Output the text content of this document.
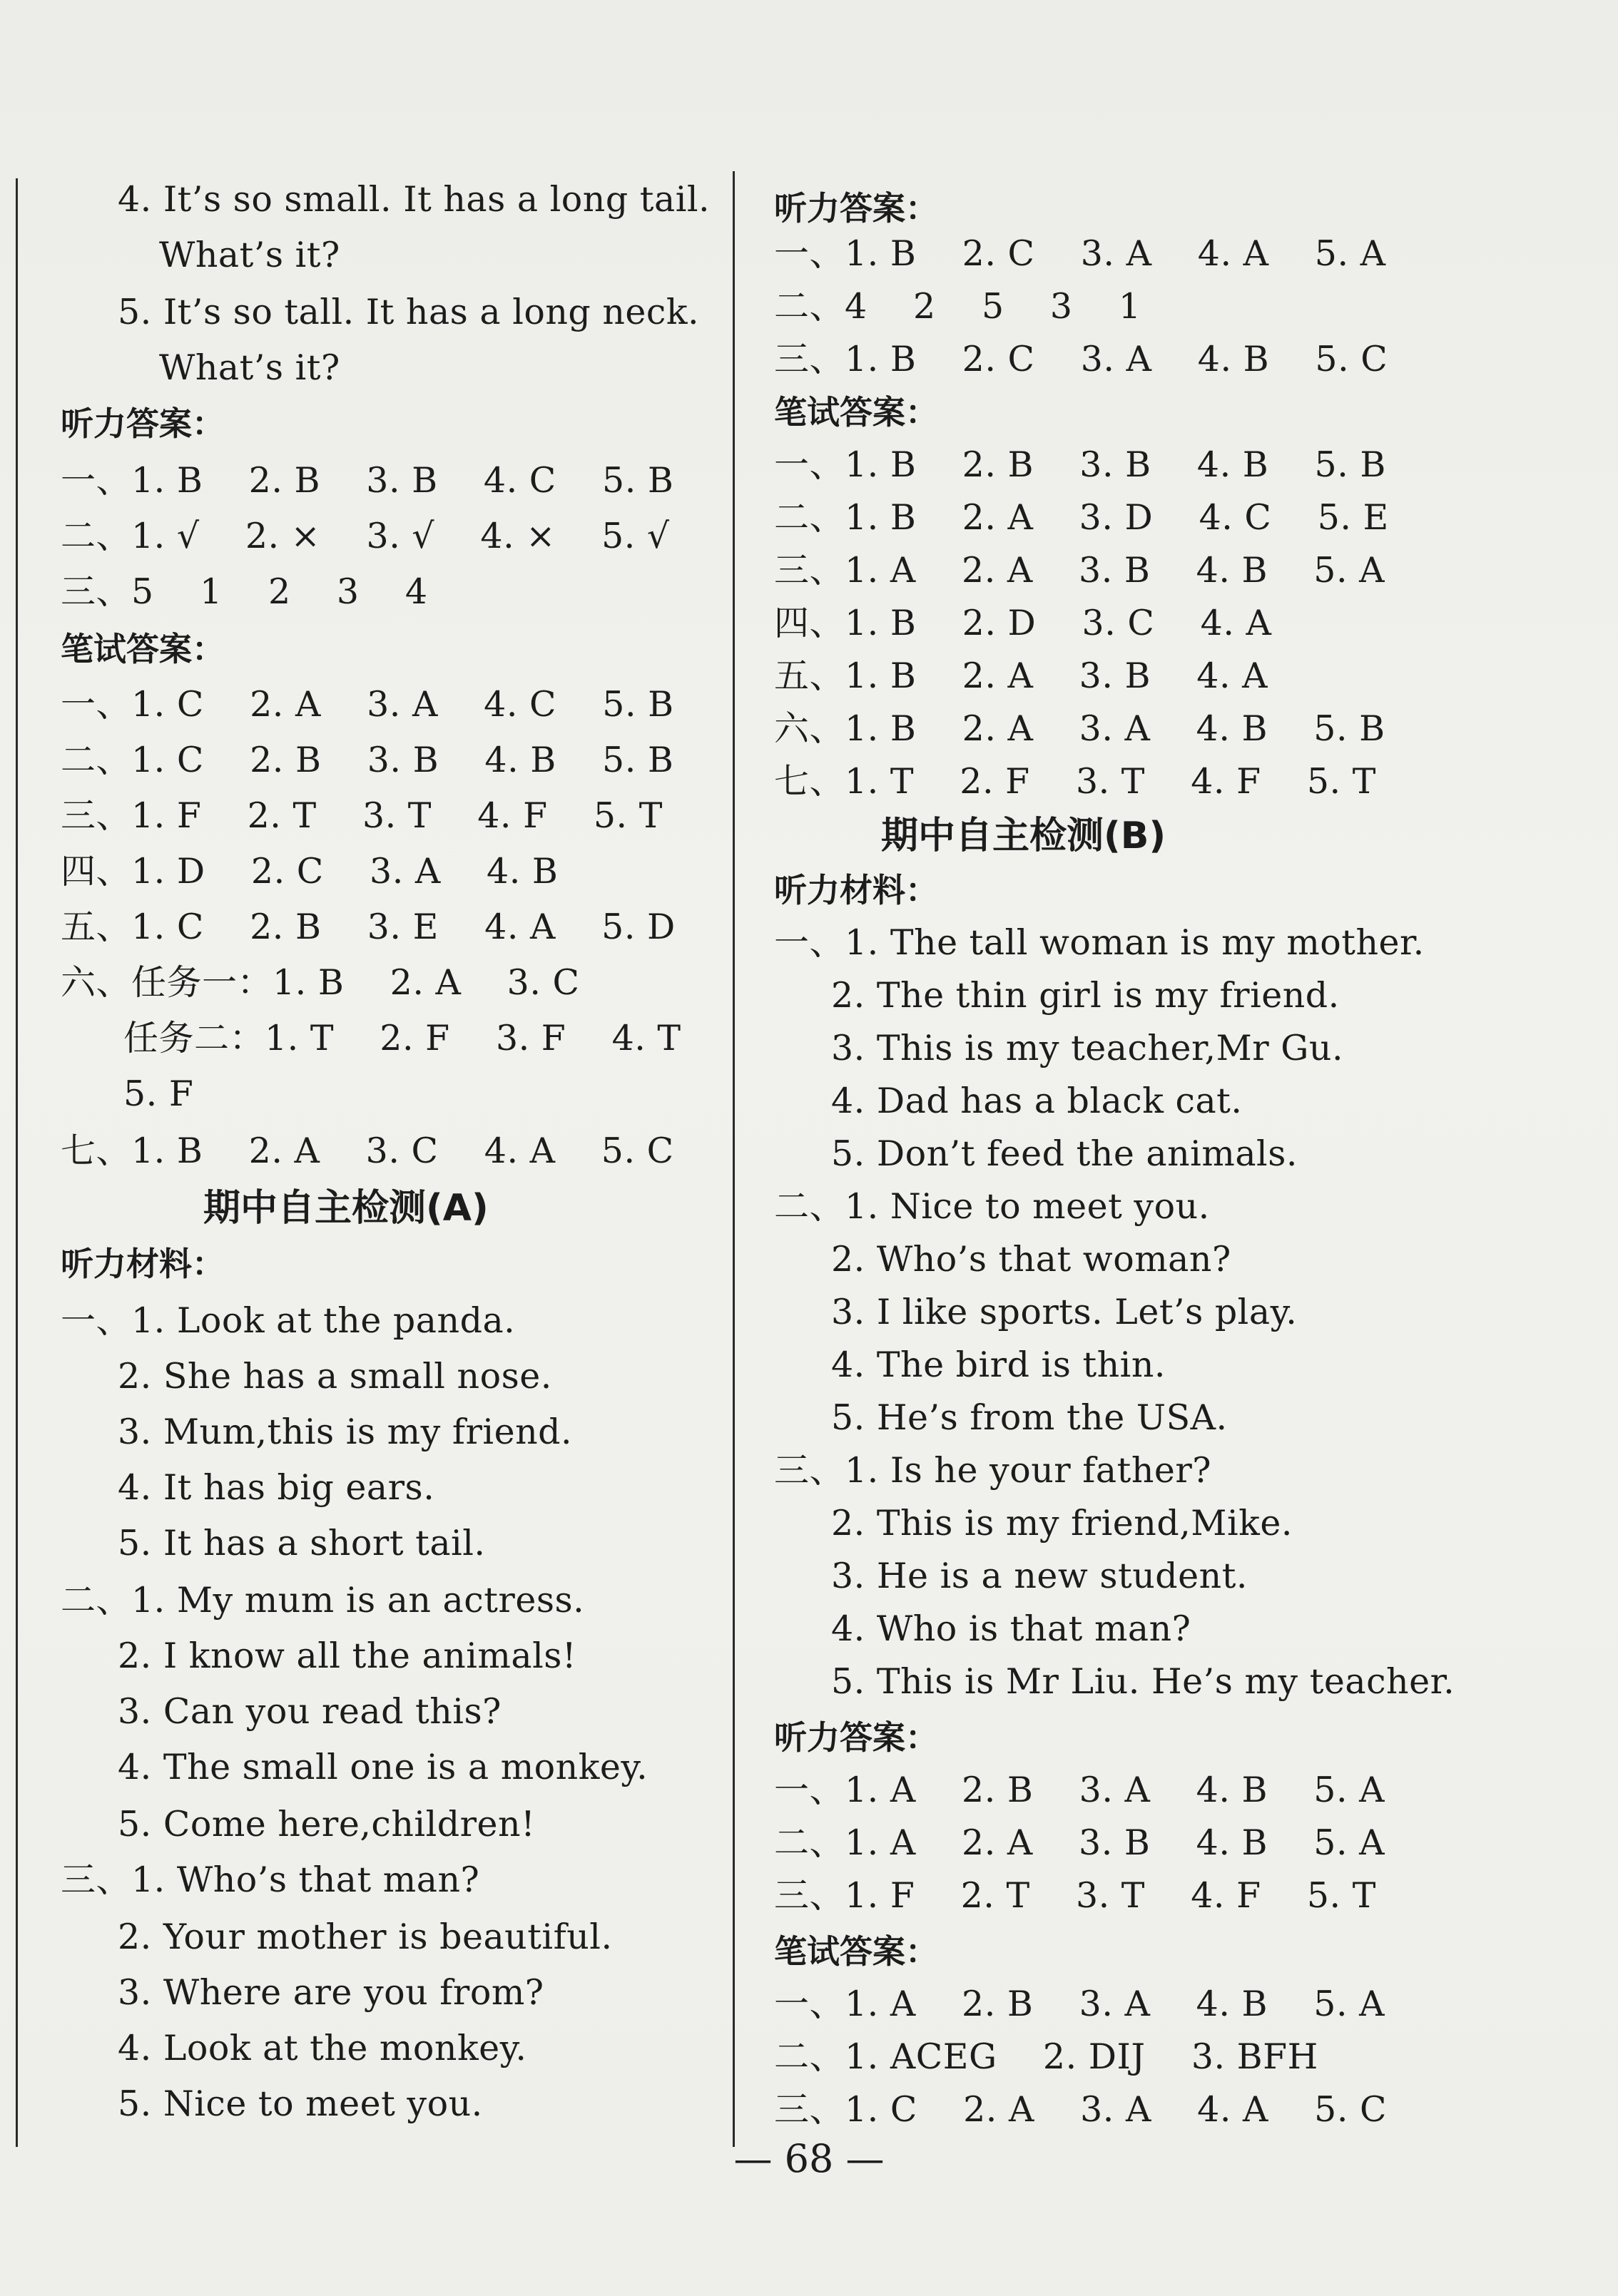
4. It’s so small. It has a long tail.
What’s it?
5. It’s so tall. It has a long neck.
What’s it?
听力答案：
一、1. B    2. B    3. B    4. C    5. B
二、1. √    2. ×    3. √    4. ×    5. √
三、5    1    2    3    4
笔试答案：
一、1. C    2. A    3. A    4. C    5. B
二、1. C    2. B    3. B    4. B    5. B
三、1. F    2. T    3. T    4. F    5. T
四、1. D    2. C    3. A    4. B
五、1. C    2. B    3. E    4. A    5. D
六、任务一：1. B    2. A    3. C
任务二：1. T    2. F    3. F    4. T
5. F
七、1. B    2. A    3. C    4. A    5. C
期中自主检测(A)
听力材料：
一、1. Look at the panda.
2. She has a small nose.
3. Mum,this is my friend.
4. It has big ears.
5. It has a short tail.
二、1. My mum is an actress.
2. I know all the animals!
3. Can you read this?
4. The small one is a monkey.
5. Come here,children!
三、1. Who’s that man?
2. Your mother is beautiful.
3. Where are you from?
4. Look at the monkey.
5. Nice to meet you.
听力答案：
一、1. B    2. C    3. A    4. A    5. A
二、4    2    5    3    1
三、1. B    2. C    3. A    4. B    5. C
笔试答案：
一、1. B    2. B    3. B    4. B    5. B
二、1. B    2. A    3. D    4. C    5. E
三、1. A    2. A    3. B    4. B    5. A
四、1. B    2. D    3. C    4. A
五、1. B    2. A    3. B    4. A
六、1. B    2. A    3. A    4. B    5. B
七、1. T    2. F    3. T    4. F    5. T
期中自主检测(B)
听力材料：
一、1. The tall woman is my mother.
2. The thin girl is my friend.
3. This is my teacher,Mr Gu.
4. Dad has a black cat.
5. Don’t feed the animals.
二、1. Nice to meet you.
2. Who’s that woman?
3. I like sports. Let’s play.
4. The bird is thin.
5. He’s from the USA.
三、1. Is he your father?
2. This is my friend,Mike.
3. He is a new student.
4. Who is that man?
5. This is Mr Liu. He’s my teacher.
听力答案：
一、1. A    2. B    3. A    4. B    5. A
二、1. A    2. A    3. B    4. B    5. A
三、1. F    2. T    3. T    4. F    5. T
笔试答案：
一、1. A    2. B    3. A    4. B    5. A
二、1. ACEG    2. DIJ    3. BFH
三、1. C    2. A    3. A    4. A    5. C
— 68 —
